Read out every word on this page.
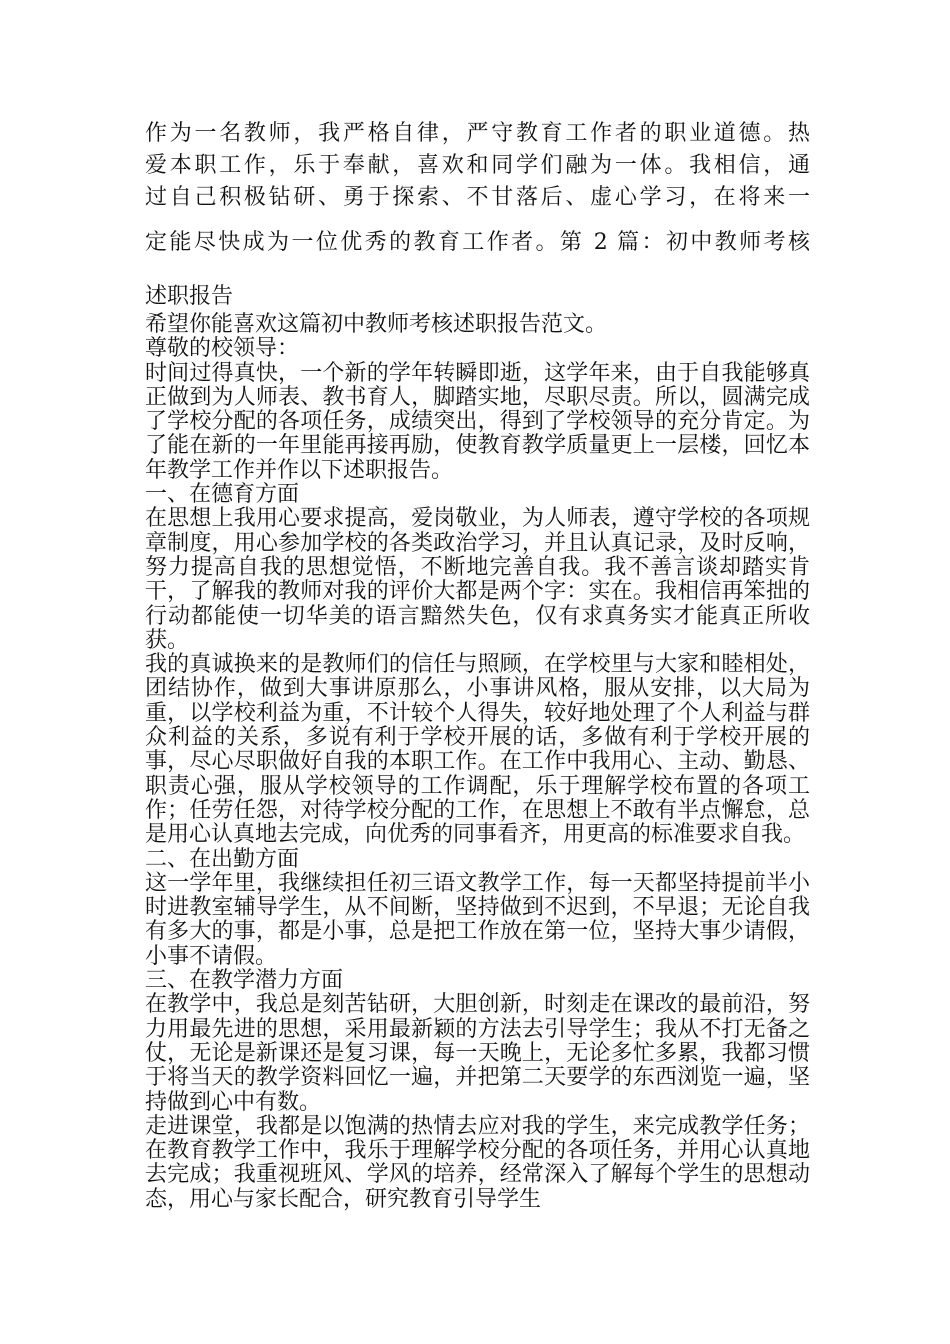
作为一名教师，我严格自律，严守教育工作者的职业道德。热
爱本职工作，乐于奉献，喜欢和同学们融为一体。我相信，通
过自己积极钻研、勇于探索、不甘落后、虚心学习，在将来一
定能尽快成为一位优秀的教育工作者。第 2 篇：初中教师考核
述职报告

希望你能喜欢这篇初中教师考核述职报告范文。

尊敬的校领导：

时间过得真快，一个新的学年转瞬即逝，这学年来，由于自我能够真正做到为人师表、教书育人，脚踏实地，尽职尽责。所以，圆满完成了学校分配的各项任务，成绩突出，得到了学校领导的充分肯定。为了能在新的一年里能再接再励，使教育教学质量更上一层楼，回忆本年教学工作并作以下述职报告。

一、在德育方面

在思想上我用心要求提高，爱岗敬业，为人师表，遵守学校的各项规章制度，用心参加学校的各类政治学习，并且认真记录，及时反响，努力提高自我的思想觉悟，不断地完善自我。我不善言谈却踏实肯干，了解我的教师对我的评价大都是两个字：实在。我相信再笨拙的行动都能使一切华美的语言黯然失色，仅有求真务实才能真正所收获。

我的真诚换来的是教师们的信任与照顾，在学校里与大家和睦相处，团结协作，做到大事讲原那么，小事讲风格，服从安排，以大局为重，以学校利益为重，不计较个人得失，较好地处理了个人利益与群众利益的关系，多说有利于学校开展的话，多做有利于学校开展的事，尽心尽职做好自我的本职工作。在工作中我用心、主动、勤恳、职责心强，服从学校领导的工作调配，乐于理解学校布置的各项工作；任劳任怨，对待学校分配的工作，在思想上不敢有半点懈怠，总是用心认真地去完成，向优秀的同事看齐，用更高的标准要求自我。

二、在出勤方面

这一学年里，我继续担任初三语文教学工作，每一天都坚持提前半小时进教室辅导学生，从不间断，坚持做到不迟到，不早退；无论自我有多大的事，都是小事，总是把工作放在第一位，坚持大事少请假，小事不请假。

三、在教学潜力方面

在教学中，我总是刻苦钻研，大胆创新，时刻走在课改的最前沿，努力用最先进的思想，采用最新颖的方法去引导学生；我从不打无备之仗，无论是新课还是复习课，每一天晚上，无论多忙多累，我都习惯于将当天的教学资料回忆一遍，并把第二天要学的东西浏览一遍，坚持做到心中有数。

走进课堂，我都是以饱满的热情去应对我的学生，来完成教学任务；在教育教学工作中，我乐于理解学校分配的各项任务，并用心认真地去完成；我重视班风、学风的培养，经常深入了解每个学生的思想动态，用心与家长配合，研究教育引导学生
